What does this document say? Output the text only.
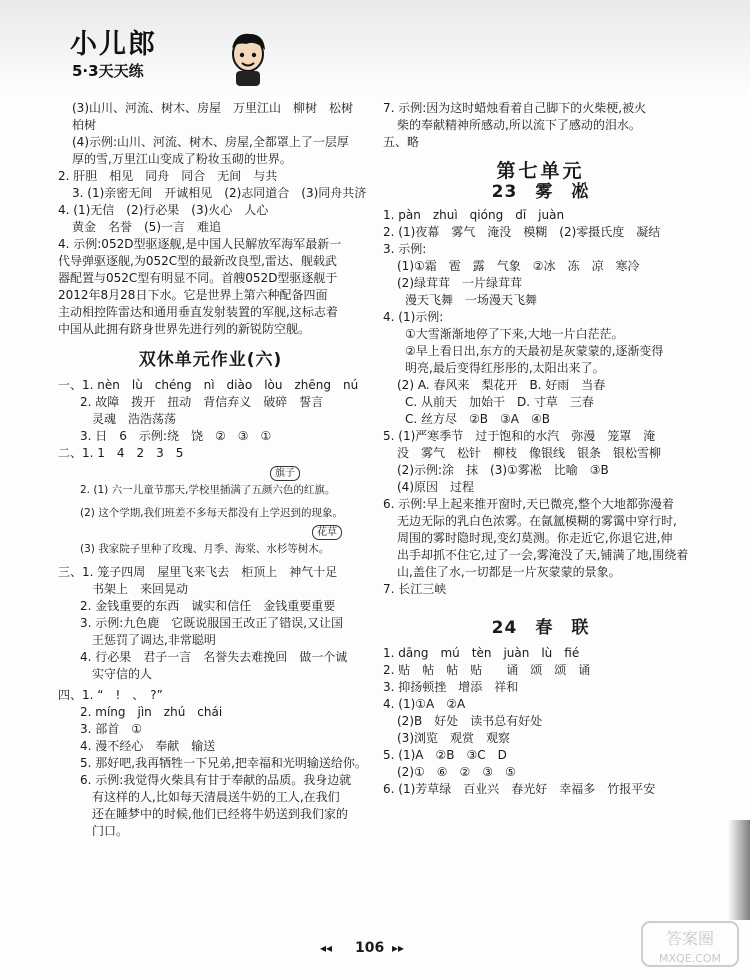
小儿郎
5·3天天练
(3)山川、河流、树木、房屋　万里江山　柳树　松树
柏树
(4)示例:山川、河流、树木、房屋,全都罩上了一层厚
厚的雪,万里江山变成了粉妆玉砌的世界。
2. 肝胆　相见　同舟　同合　无间　与共
3. (1)亲密无间　开诚相见　(2)志同道合　(3)同舟共济
4. (1)无信　(2)行必果　(3)火心　人心
黄金　名誉　(5)一言　难追
4. 示例:052D型驱逐舰,是中国人民解放军海军最新一
代导弹驱逐舰,为052C型的最新改良型,雷达、舰载武
器配置与052C型有明显不同。首艘052D型驱逐舰于
2012年8月28日下水。它是世界上第六种配备四面
主动相控阵雷达和通用垂直发射装置的军舰,这标志着
中国从此拥有跻身世界先进行列的新锐防空舰。
双休单元作业(六)
一、1. nèn　lù　chéng　nì　diào　lòu　zhēng　nú
2. 故障　拨开　扭动　背信弃义　破碎　誓言
灵魂　浩浩荡荡
3. 日　6　示例:绕　饶　②　③　①
二、1. 1　4　2　3　5
旗子
2. (1) 六一儿童节那天,学校里插满了五颜六色的红旗。
(2) 这个学期,我们班差不多每天都没有上学迟到的现象。
花草
(3) 我家院子里种了玫瑰、月季、海棠、水杉等树木。
三、1. 笼子四周　屋里飞来飞去　柜顶上　神气十足
书架上　来回晃动
2. 金钱重要的东西　诚实和信任　金钱重要重要
3. 示例:九色鹿　它既说服国王改正了错误,又让国
王惩罚了调达,非常聪明
4. 行必果　君子一言　名誉失去难挽回　做一个诚
实守信的人
四、1. “　!　、　?”
2. míng　jìn　zhú　chái
3. 部首　①
4. 漫不经心　奉献　输送
5. 那好吧,我再牺牲一下兄弟,把幸福和光明输送给你。
6. 示例:我觉得火柴具有甘于奉献的品质。我身边就
有这样的人,比如每天清晨送牛奶的工人,在我们
还在睡梦中的时候,他们已经将牛奶送到我们家的
门口。
7. 示例:因为这时蜡烛看着自己脚下的火柴梗,被火
柴的奉献精神所感动,所以流下了感动的泪水。
五、略
第七单元
23　雾　凇
1. pàn　zhuì　qióng　dī　juàn
2. (1)夜幕　雾气　淹没　模糊　(2)零摄氏度　凝结
3. 示例:
(1)①霜　雹　露　气象　②冰　冻　凉　寒冷
(2)绿茸茸　一片绿茸茸
漫天飞舞　一场漫天飞舞
4. (1)示例:
①大雪渐渐地停了下来,大地一片白茫茫。
②早上看日出,东方的天最初是灰蒙蒙的,逐渐变得
明亮,最后变得红彤彤的,太阳出来了。
(2) A. 春风来　梨花开　B. 好雨　当春
C. 从前天　加始干　D. 寸草　三春
C. 丝方尽　②B　③A　④B
5. (1)严寒季节　过于饱和的水汽　弥漫　笼罩　淹
没　雾气　松针　柳枝　像银线　银条　银松雪柳
(2)示例:涂　抹　(3)①雾凇　比喻　③B
(4)原因　过程
6. 示例:早上起来推开窗时,天已微亮,整个大地都弥漫着
无边无际的乳白色浓雾。在氤氲模糊的雾霭中穿行时,
周围的雾时隐时现,变幻莫测。你走近它,你退它进,伸
出手却抓不住它,过了一会,雾淹没了天,铺满了地,围绕着
山,盖住了水,一切都是一片灰蒙蒙的景象。
7. 长江三峡
24　春　联
1. dāng　mú　tèn　juàn　lù　fié
2. 贴　帖　帖　贴　　诵　颂　颂　诵
3. 抑扬顿挫　增添　祥和
4. (1)①A　②A
(2)B　好处　读书总有好处
(3)浏览　观赏　观察
5. (1)A　②B　③C　D
(2)①　⑥　②　③　⑤
6. (1)芳草绿　百业兴　春光好　幸福多　竹报平安
◂◂ 106 ▸▸	答案圈
MXQE.COM
